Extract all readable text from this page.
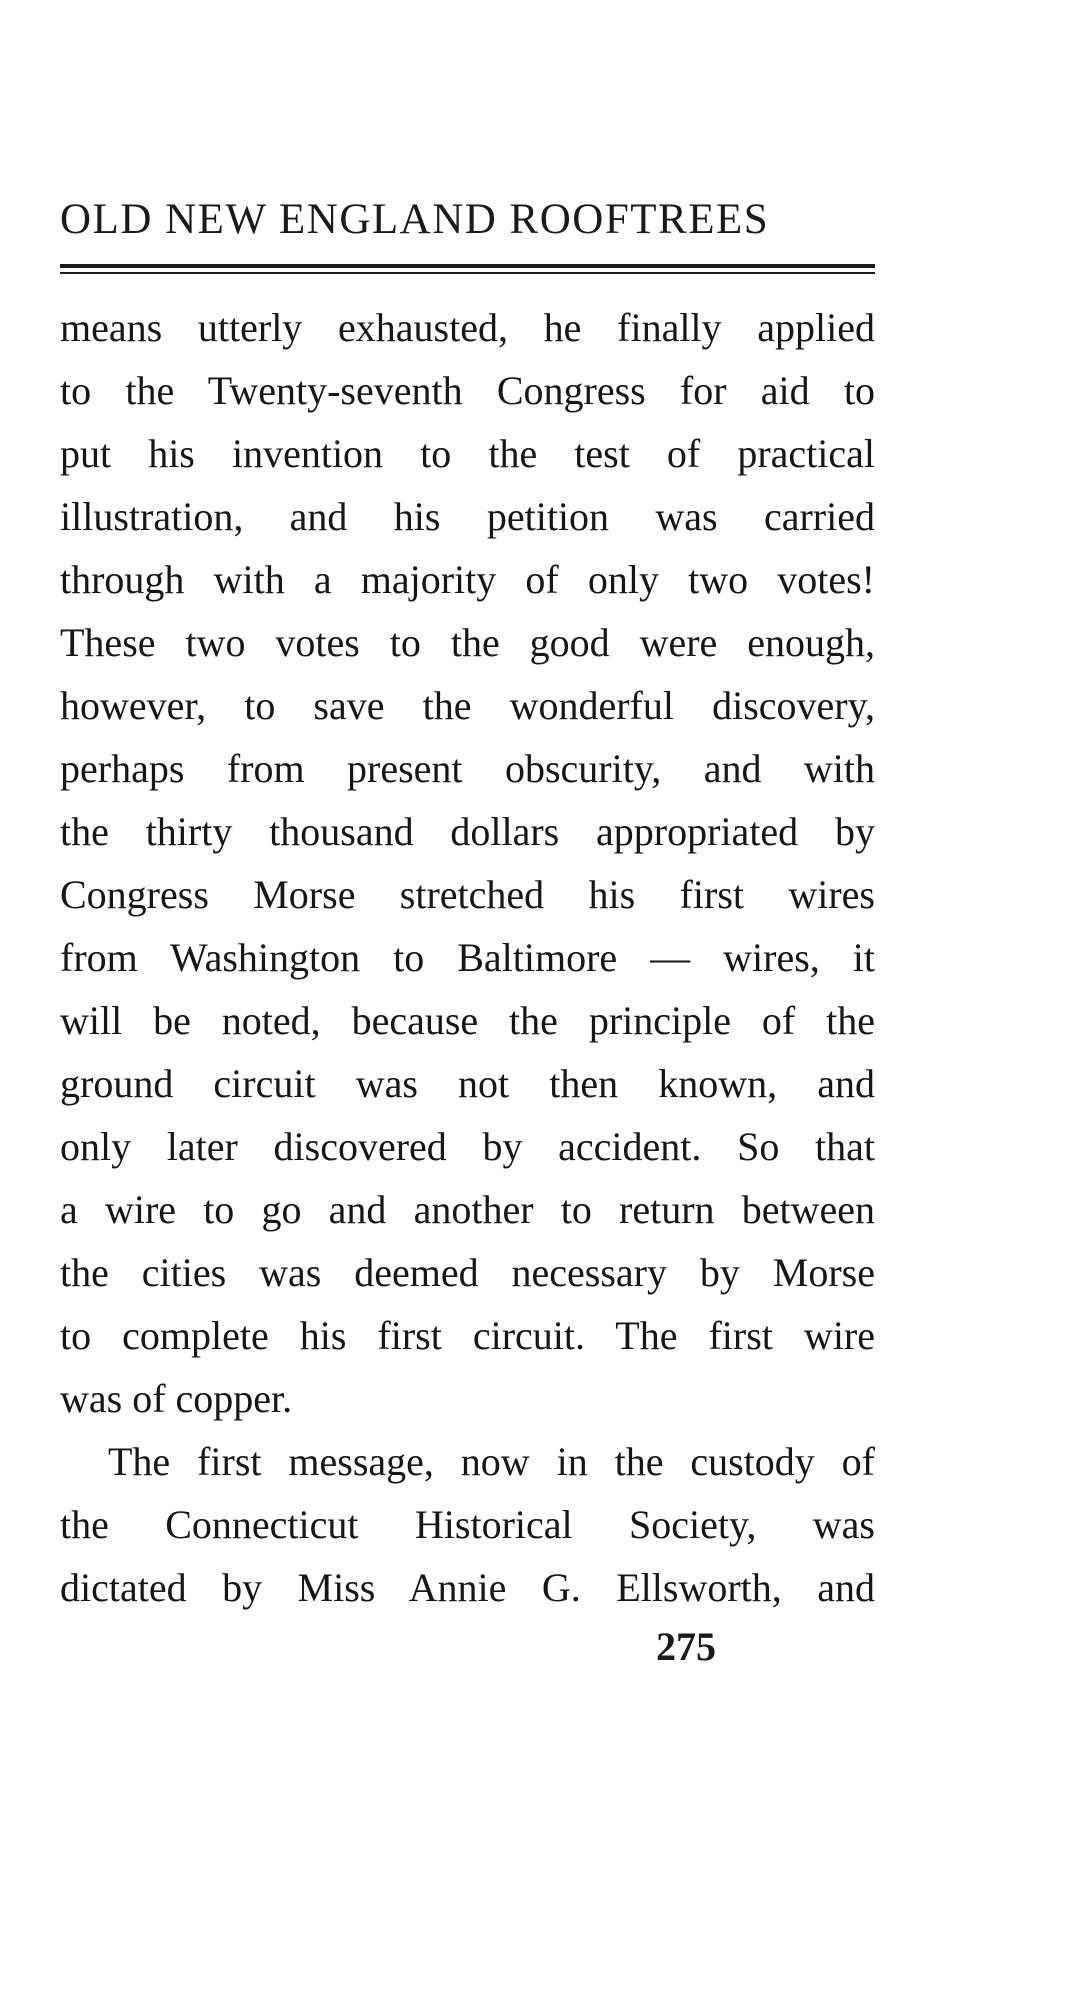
OLD NEW ENGLAND ROOFTREES
means utterly exhausted, he finally applied
to the Twenty-seventh Congress for aid to
put his invention to the test of practical
illustration, and his petition was carried
through with a majority of only two votes!
These two votes to the good were enough,
however, to save the wonderful discovery,
perhaps from present obscurity, and with
the thirty thousand dollars appropriated by
Congress Morse stretched his first wires
from Washington to Baltimore — wires, it
will be noted, because the principle of the
ground circuit was not then known, and
only later discovered by accident. So that
a wire to go and another to return between
the cities was deemed necessary by Morse
to complete his first circuit. The first wire
was of copper.
The first message, now in the custody of
the Connecticut Historical Society, was
dictated by Miss Annie G. Ellsworth, and
275
